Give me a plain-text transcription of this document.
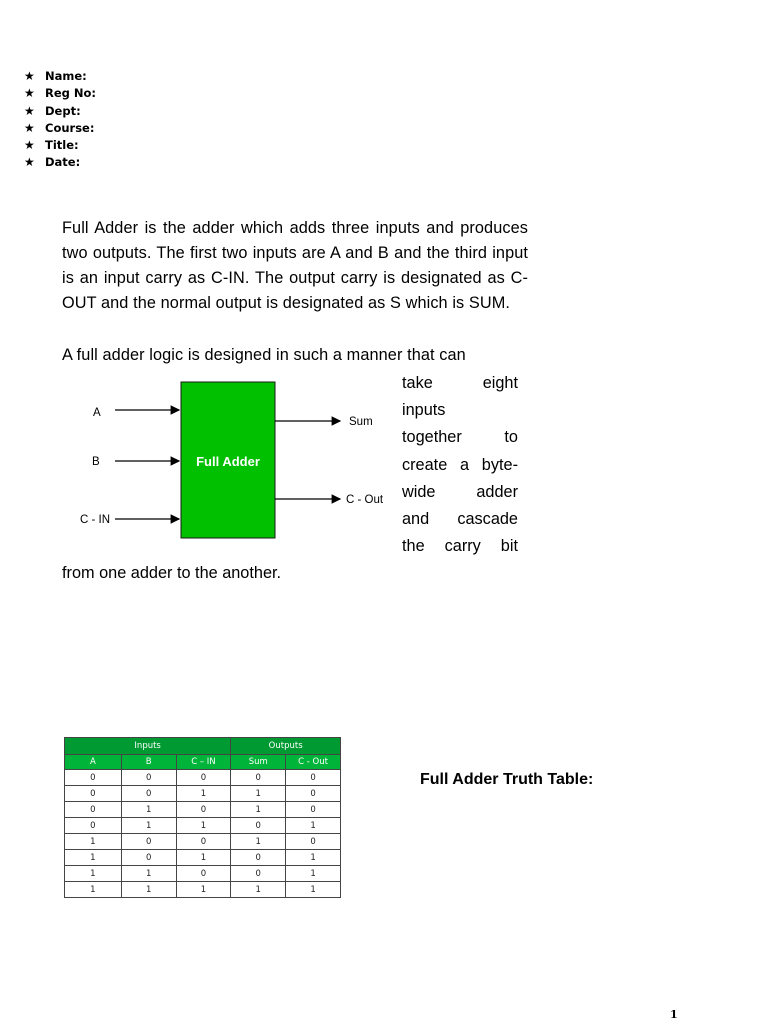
★ Name:
★ Reg No:
★ Dept:
★ Course:
★ Title:
★ Date:

Full Adder is the adder which adds three inputs and produces two outputs. The first two inputs are A and B and the third input is an input carry as C-IN. The output carry is designated as C-OUT and the normal output is designated as S which is SUM.

A full adder logic is designed in such a manner that can

take eight
inputs
together to
create a byte-
wide adder
and cascade
the carry bit

from one adder to the another.

Full Adder
A
B
C - IN
Sum
C - Out
Inputs			Outputs	
A	B	C – IN	Sum	C - Out
0	0	0	0	0
0	0	1	1	0
0	1	0	1	0
0	1	1	0	1
1	0	0	1	0
1	0	1	0	1
1	1	0	0	1
1	1	1	1	1
Full Adder Truth Table:
1
